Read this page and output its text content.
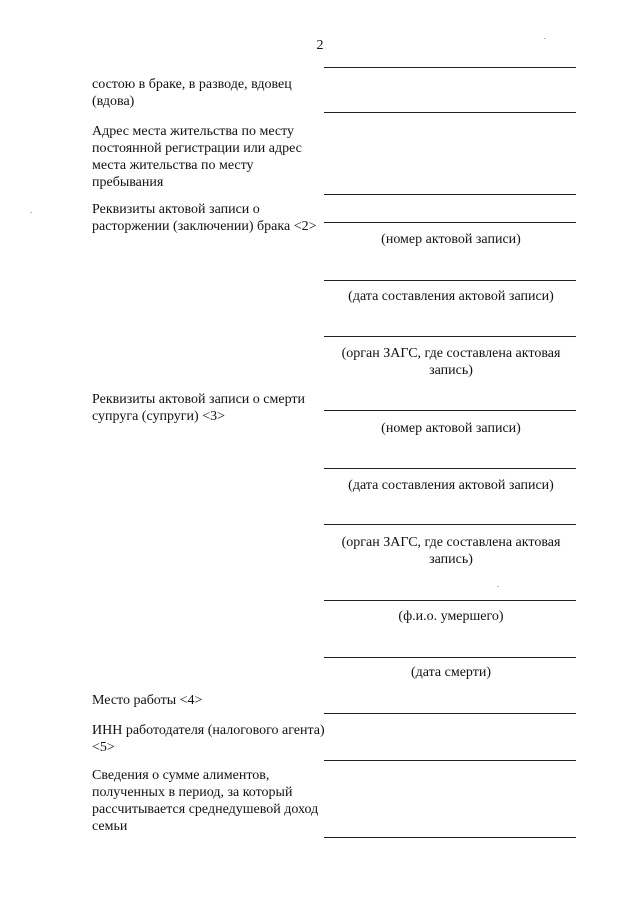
2
состою в браке, в разводе, вдовец (вдова)
Адрес места жительства по месту постоянной регистрации или адрес места жительства по месту пребывания
Реквизиты актовой записи о расторжении (заключении) брака <2>
Реквизиты актовой записи о смерти супруга (супруги) <3>
Место работы <4>
ИНН работодателя (налогового агента) <5>
Сведения о сумме алиментов, полученных в период, за который рассчитывается среднедушевой доход семьи
(номер актовой записи)
(дата составления актовой записи)
(орган ЗАГС, где составлена актовая запись)
(номер актовой записи)
(дата составления актовой записи)
(орган ЗАГС, где составлена актовая запись)
(ф.и.о. умершего)
(дата смерти)
